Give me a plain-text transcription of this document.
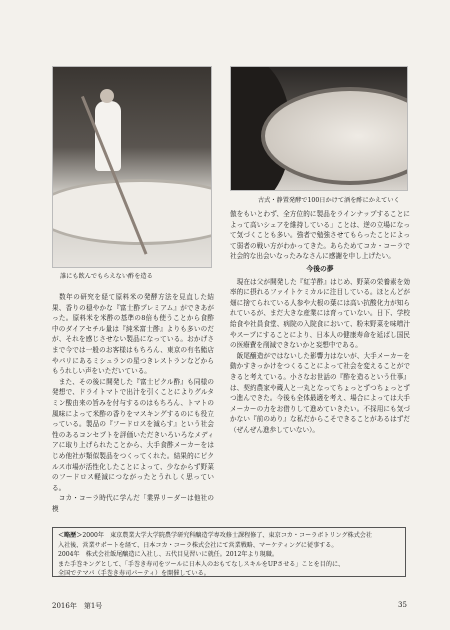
誰にも飲んでもらえない酢を造る
古式・静置発酵で100日かけて酒を酢にかえていく

　数年の研究を経て原料米の発酵方法を見直した結果、香りの穏やかな『富士酢プレミアム』ができあがった。原料米を米酢の基準の8倍も使うことから食酢中のダイアセチル量は『純米富士酢』よりも多いのだが、それを感じさせない製品になっている。おかげさまで今では一般のお客様はもちろん、東京の有名鮨店やパリにあるミシュランの星つきレストランなどからもうれしい声をいただいている。

　また、その後に開発した『富士ピクル酢』も同様の発想で、ドライトマトで出汁を引くことによりグルタミン酸由来の旨みを付与するのはもちろん、トマトの風味によって米酢の香りをマスキングするのにも役立っている。製品の『フードロスを減らす』という社会性のあるコンセプトを評価いただきいろいろなメディアに取り上げられたことから、大手食酢メーカーをはじめ他社が類似製品をつくってくれた。結果的にピクルス市場が活性化したことによって、少なからず野菜のフードロス軽減につながったとうれしく思っている。

　コカ・コーラ時代に学んだ「業界リーダーは他社の模

倣をもいとわず、全方位的に製品をラインナップすることによって高いシェアを維持している」ことは、逆の立場になって気づくことも多い。強者で勉強させてもらったことによって弱者の戦い方がわかってきた。あらためてコカ・コーラで社会的な出会いなったみなさんに感謝を申し上げたい。

今後の夢

　現在は父が開発した『紅芋酢』はじめ、野菜の栄養素を効率的に摂れるファイトケミカルに注目している。ほとんどが畑に捨てられている人参や大根の葉には高い抗酸化力が知られているが、まだ大きな産業には育っていない。日下、学校給食や社員食堂、病院の入院食において、粉末野菜を味噌汁やスープにすることにより、日本人の健康寿命を延ばし国民の医療費を削減できないかと妄想中である。

　飯尾醸造がではないした影響力はないが、大手メーカーを動かすきっかけをつくることによって社会を変えることができると考えている。小さなお世話の『酢を造るという仕事』は、契約農家や蔵人と一丸となってちょっとずつちょっとずつ進んできた。今後も全体最適を考え、場合によっては大手メーカーの力をお借りして進めていきたい。不採用にも気づかない『前のめり』な私だからこそできることがあるはずだ（ぜんぜん進歩していない）。

＜略歴＞2000年　東京農業大学大学院農学研究科醸造学専攻修士課程修了、東京コカ・コーラボトリング株式会社

入社後、営業サポートを経て、日本コカ・コーラ株式会社にて営業戦略、マーケティングに従事する。

2004年　株式会社飯尾醸造に入社し、五代目見習いに就任。2012年より現職。

また手巻キングとして、「手巻き寿司をツールに日本人のおもてなしスキルをUPさせる」ことを目的に、

全国でテマパ（手巻き寿司パーティ）を開催している。

2016年　第1号	35
